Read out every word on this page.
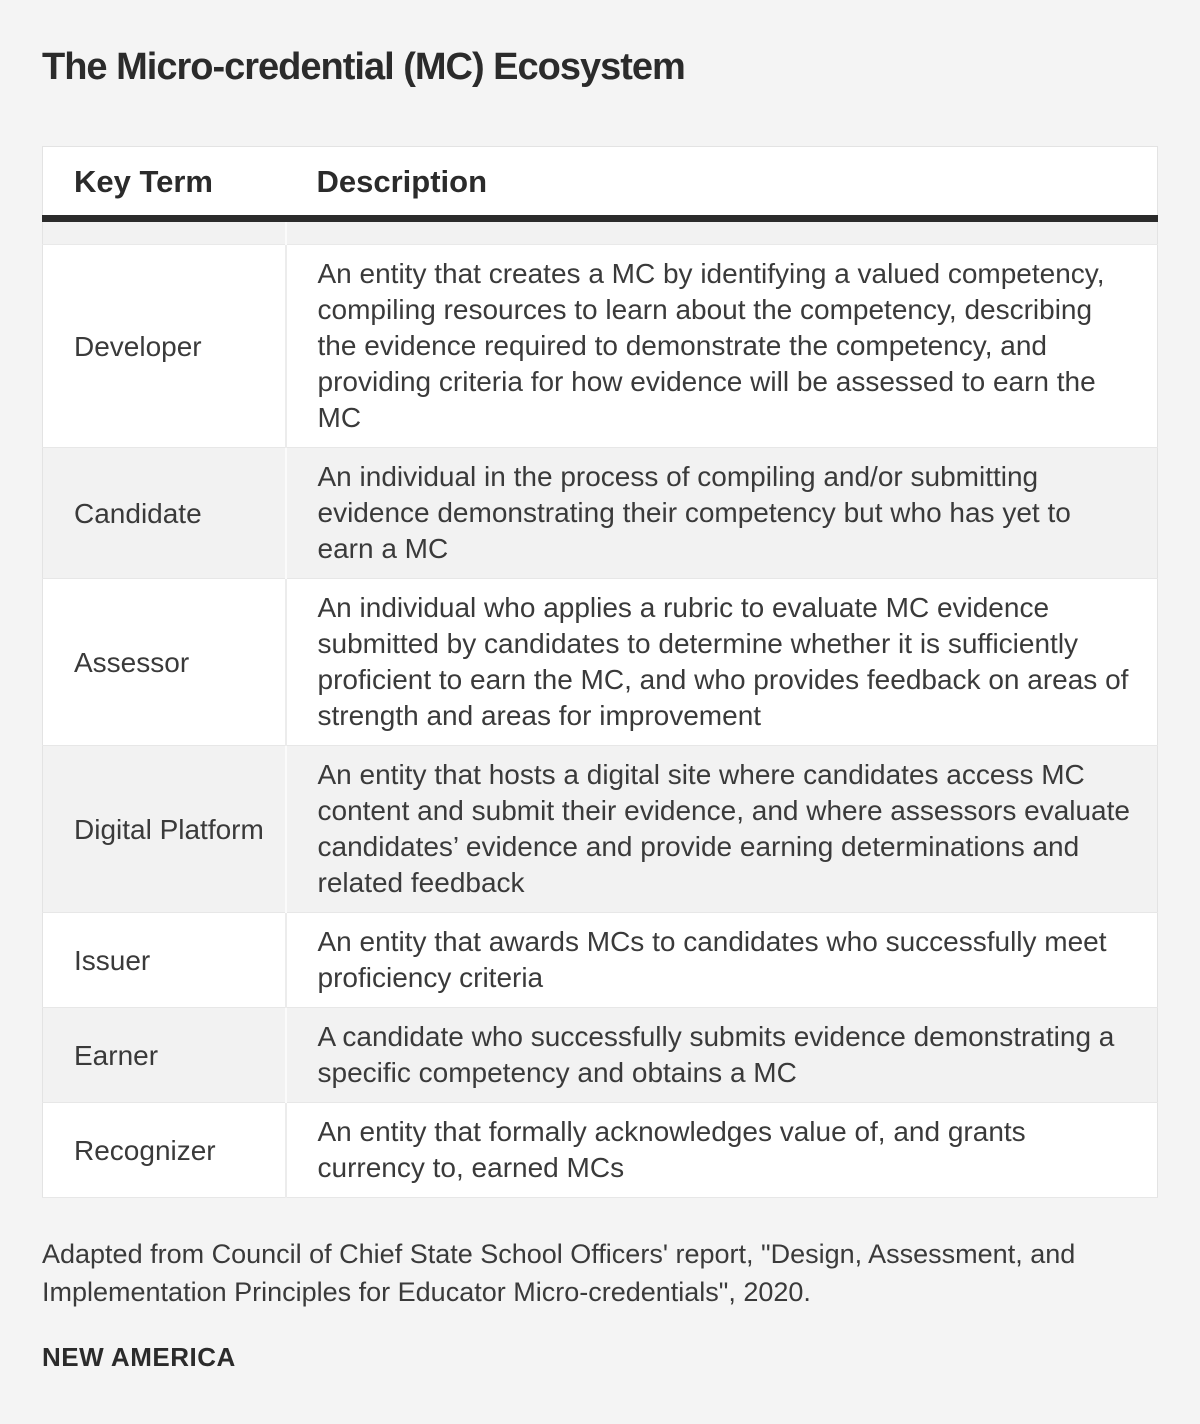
The Micro-credential (MC) Ecosystem
Key Term	Description

Developer	An entity that creates a MC by identifying a valued competency, compiling resources to learn about the competency, describing the evidence required to demonstrate the competency, and providing criteria for how evidence will be assessed to earn the MC
Candidate	An individual in the process of compiling and/or submitting evidence demonstrating their competency but who has yet to earn a MC
Assessor	An individual who applies a rubric to evaluate MC evidence submitted by candidates to determine whether it is sufficiently proficient to earn the MC, and who provides feedback on areas of strength and areas for improvement
Digital Platform	An entity that hosts a digital site where candidates access MC content and submit their evidence, and where assessors evaluate candidates’ evidence and provide earning determinations and related feedback
Issuer	An entity that awards MCs to candidates who successfully meet proficiency criteria
Earner	A candidate who successfully submits evidence demonstrating a specific competency and obtains a MC
Recognizer	An entity that formally acknowledges value of, and grants currency to, earned MCs

Adapted from Council of Chief State School Officers' report, "Design, Assessment, and Implementation Principles for Educator Micro-credentials", 2020.

NEW AMERICA
